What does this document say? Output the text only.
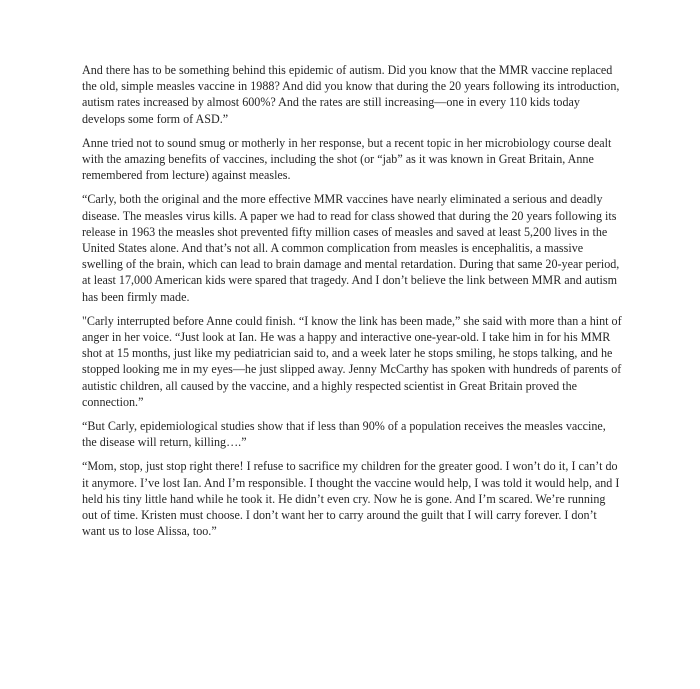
And there has to be something behind this epidemic of autism. Did you know that the MMR vaccine replaced the old, simple measles vaccine in 1988? And did you know that during the 20 years following its introduction, autism rates increased by almost 600%? And the rates are still increasing—one in every 110 kids today develops some form of ASD.”

Anne tried not to sound smug or motherly in her response, but a recent topic in her microbiology course dealt with the amazing benefits of vaccines, including the shot (or “jab” as it was known in Great Britain, Anne remembered from lecture) against measles.

“Carly, both the original and the more effective MMR vaccines have nearly eliminated a serious and deadly disease. The measles virus kills. A paper we had to read for class showed that during the 20 years following its release in 1963 the measles shot prevented fifty million cases of measles and saved at least 5,200 lives in the United States alone. And that’s not all. A common complication from measles is encephalitis, a massive swelling of the brain, which can lead to brain damage and mental retardation. During that same 20-year period, at least 17,000 American kids were spared that tragedy. And I don’t believe the link between MMR and autism has been firmly made.

"Carly interrupted before Anne could finish. “I know the link has been made,” she said with more than a hint of anger in her voice. “Just look at Ian. He was a happy and interactive one-year-old. I take him in for his MMR shot at 15 months, just like my pediatrician said to, and a week later he stops smiling, he stops talking, and he stopped looking me in my eyes—he just slipped away. Jenny McCarthy has spoken with hundreds of parents of autistic children, all caused by the vaccine, and a highly respected scientist in Great Britain proved the connection.”

“But Carly, epidemiological studies show that if less than 90% of a population receives the measles vaccine, the disease will return, killing….”

“Mom, stop, just stop right there! I refuse to sacrifice my children for the greater good. I won’t do it, I can’t do it anymore. I’ve lost Ian. And I’m responsible. I thought the vaccine would help, I was told it would help, and I held his tiny little hand while he took it. He didn’t even cry. Now he is gone. And I’m scared. We’re running out of time. Kristen must choose. I don’t want her to carry around the guilt that I will carry forever. I don’t want us to lose Alissa, too.”
